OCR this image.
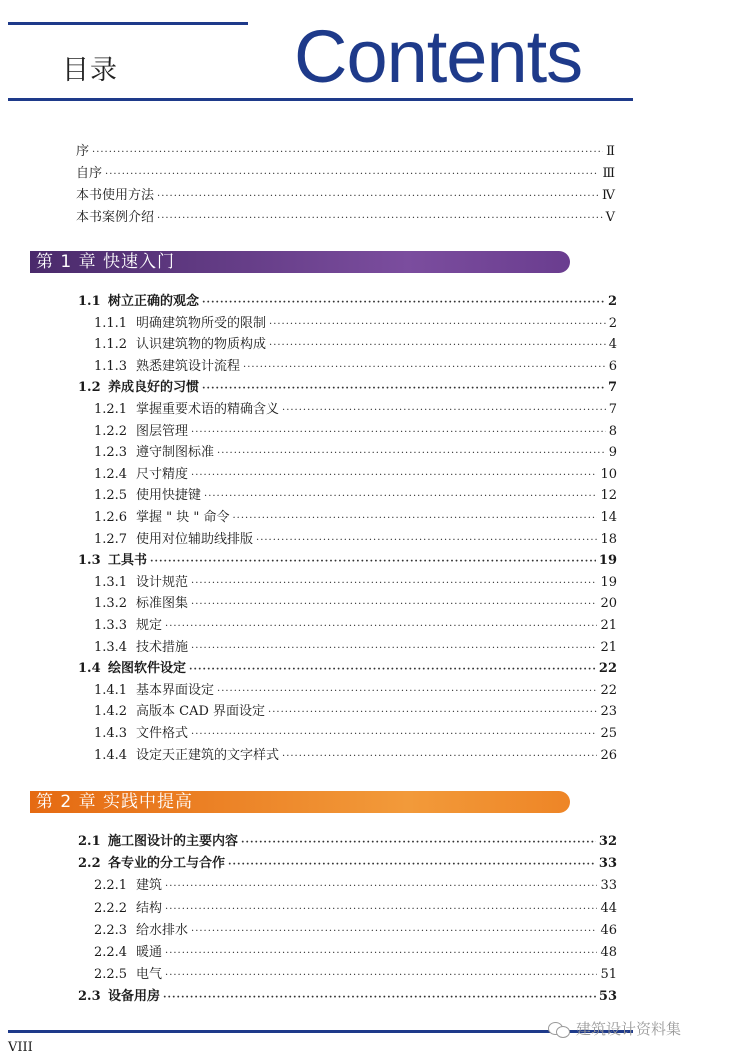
目录 Contents
序 ·····	Ⅱ
自序 ·····	Ⅲ
本书使用方法 ·····	Ⅳ
本书案例介绍 ·····	Ⅴ
第 1 章 快速入门
1.1 树立正确的观念 ·····	2
1.1.1 明确建筑物所受的限制 ·····	2
1.1.2 认识建筑物的物质构成 ·····	4
1.1.3 熟悉建筑设计流程 ·····	6
1.2 养成良好的习惯 ·····	7
1.2.1 掌握重要术语的精确含义 ·····	7
1.2.2 图层管理 ·····	8
1.2.3 遵守制图标准 ·····	9
1.2.4 尺寸精度 ·····	10
1.2.5 使用快捷键 ·····	12
1.2.6 掌握 " 块 " 命令 ·····	14
1.2.7 使用对位辅助线排版 ·····	18
1.3 工具书 ·····	19
1.3.1 设计规范 ·····	19
1.3.2 标准图集 ·····	20
1.3.3 规定 ·····	21
1.3.4 技术措施 ·····	21
1.4 绘图软件设定 ·····	22
1.4.1 基本界面设定 ·····	22
1.4.2 高版本 CAD 界面设定 ·····	23
1.4.3 文件格式 ·····	25
1.4.4 设定天正建筑的文字样式 ·····	26
第 2 章 实践中提高
2.1 施工图设计的主要内容 ·····	32
2.2 各专业的分工与合作 ·····	33
2.2.1 建筑 ·····	33
2.2.2 结构 ·····	44
2.2.3 给水排水 ·····	46
2.2.4 暖通 ·····	48
2.2.5 电气 ·····	51
2.3 设备用房 ·····	53
VIII
建筑设计资料集
